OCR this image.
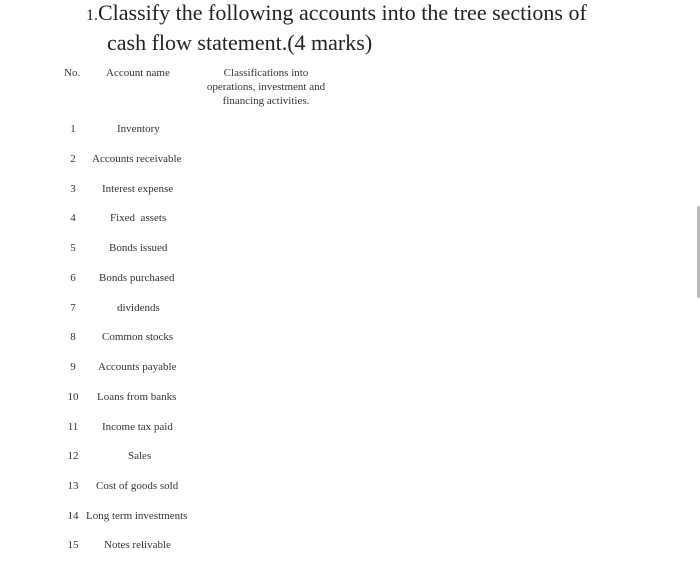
1.Classify the following accounts into the tree sections of
cash flow statement.(4 marks)
No. Account name	Classifications into
operations, investment and
financing activities.
1	Inventory
2	Accounts receivable
3	Interest expense
4	Fixed  assets
5	Bonds issued
6	Bonds purchased
7	dividends
8	Common stocks
9	Accounts payable
10	Loans from banks
11	Income tax paid
12	Sales
13	Cost of goods sold
14 Long term investments
15	Notes relivable
